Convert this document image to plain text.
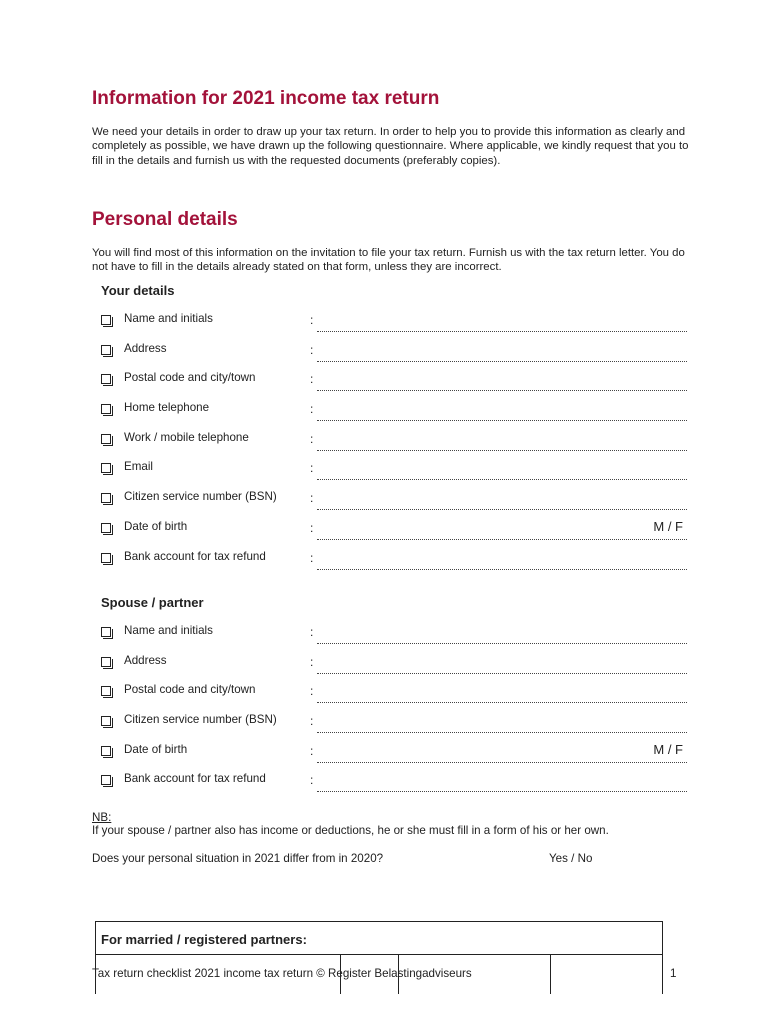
Information for 2021 income tax return

We need your details in order to draw up your tax return. In order to help you to provide this information as clearly and completely as possible, we have drawn up the following questionnaire. Where applicable, we kindly request that you to fill in the details and furnish us with the requested documents (preferably copies).

Personal details

You will find most of this information on the invitation to file your tax return. Furnish us with the tax return letter. You do not have to fill in the details already stated on that form, unless they are incorrect.

Your details
Name and initials	:
Address	:
Postal code and city/town	:
Home telephone	:
Work / mobile telephone	:
Email	:
Citizen service number (BSN)	:
Date of birth	:	M / F
Bank account for tax refund	:
Spouse / partner
Name and initials	:
Address	:
Postal code and city/town	:
Citizen service number (BSN)	:
Date of birth	:	M / F
Bank account for tax refund	:
NB:
If your spouse / partner also has income or deductions, he or she must fill in a form of his or her own.
Does your personal situation in 2021 differ from in 2020?	Yes / No
For married / registered partners:
Tax return checklist 2021 income tax return © Register Belastingadviseurs	1
